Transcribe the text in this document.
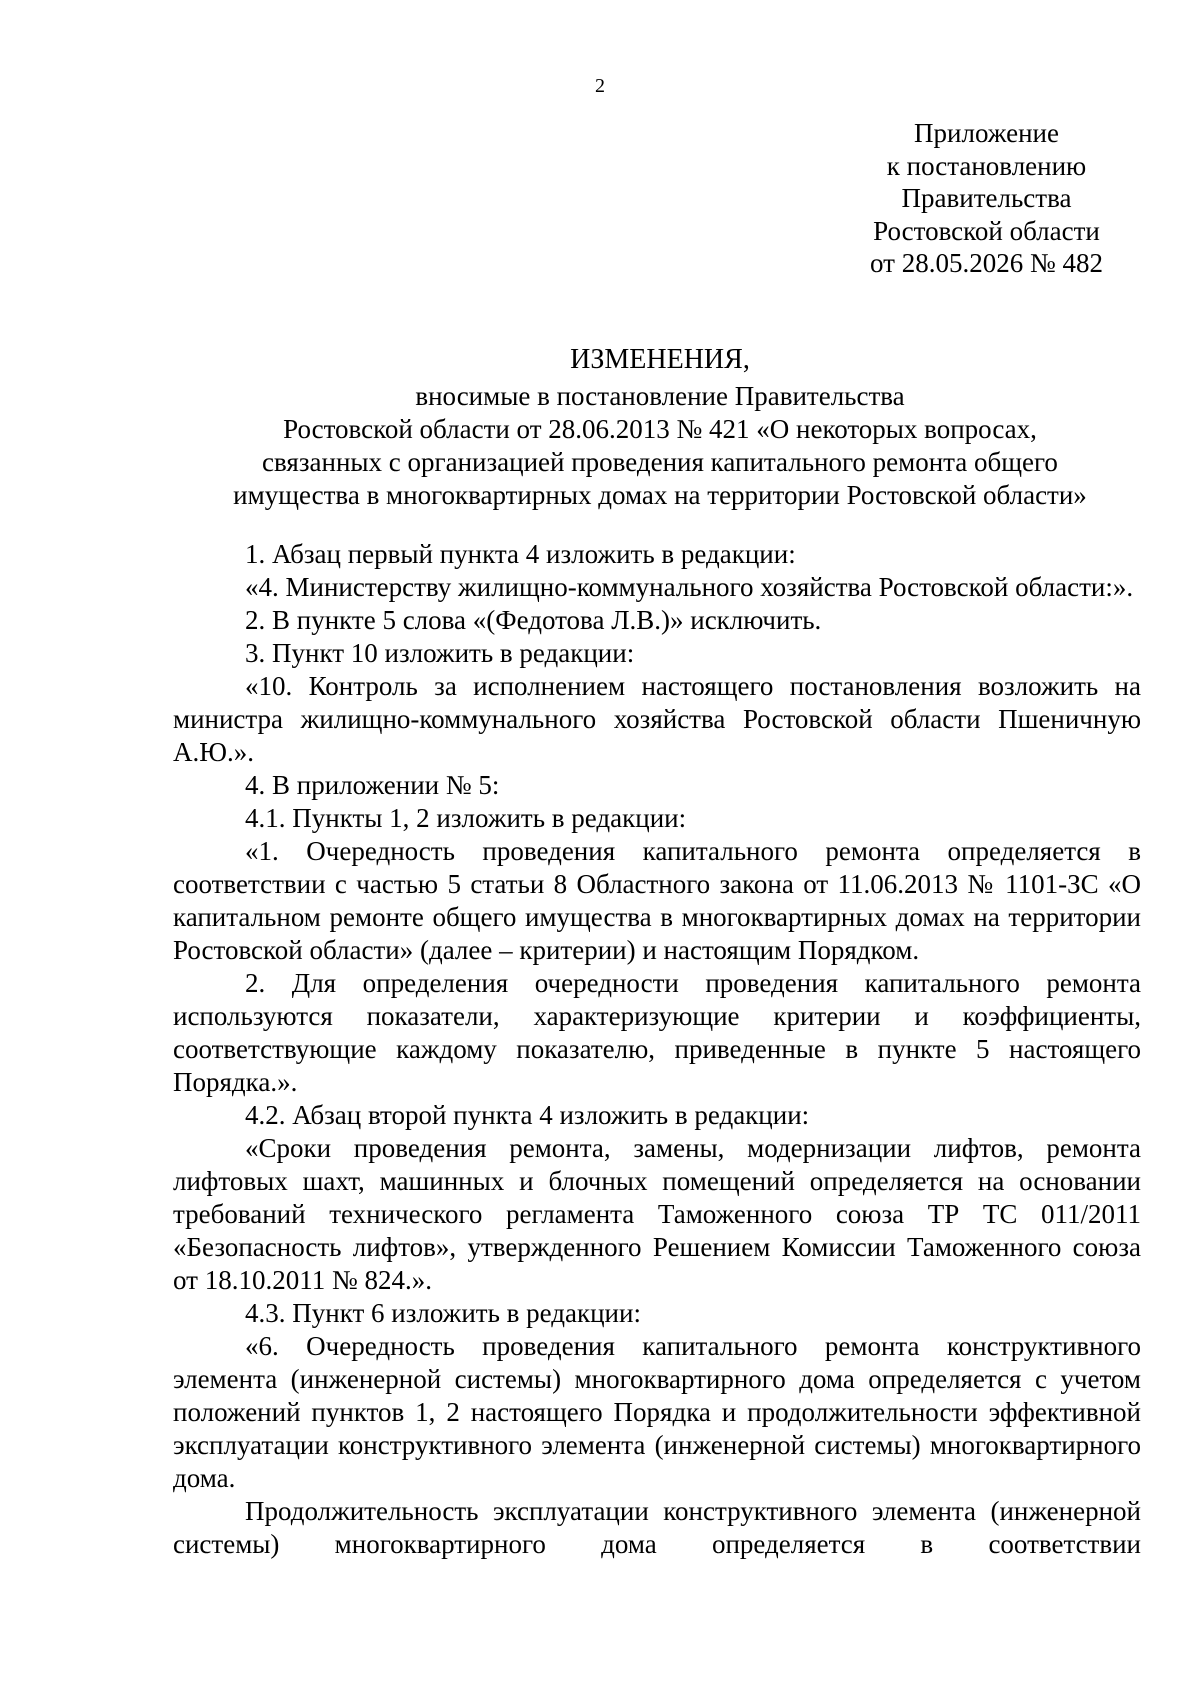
2
Приложение
к постановлению
Правительства
Ростовской области
от 28.05.2026 № 482
ИЗМЕНЕНИЯ,
вносимые в постановление Правительства
Ростовской области от 28.06.2013 № 421 «О некоторых вопросах,
связанных с организацией проведения капитального ремонта общего
имущества в многоквартирных домах на территории Ростовской области»

1. Абзац первый пункта 4 изложить в редакции:

«4. Министерству жилищно-коммунального хозяйства Ростовской области:».

2. В пункте 5 слова «(Федотова Л.В.)» исключить.

3. Пункт 10 изложить в редакции:

«10. Контроль за исполнением настоящего постановления возложить на министра жилищно-коммунального хозяйства Ростовской области Пшеничную А.Ю.».

4. В приложении № 5:

4.1. Пункты 1, 2 изложить в редакции:

«1. Очередность проведения капитального ремонта определяется в соответствии с частью 5 статьи 8 Областного закона от 11.06.2013 № 1101-ЗС «О капитальном ремонте общего имущества в многоквартирных домах на территории Ростовской области» (далее – критерии) и настоящим Порядком.

2. Для определения очередности проведения капитального ремонта используются показатели, характеризующие критерии и коэффициенты, соответствующие каждому показателю, приведенные в пункте 5 настоящего Порядка.».

4.2. Абзац второй пункта 4 изложить в редакции:

«Сроки проведения ремонта, замены, модернизации лифтов, ремонта лифтовых шахт, машинных и блочных помещений определяется на основании требований технического регламента Таможенного союза ТР ТС 011/2011 «Безопасность лифтов», утвержденного Решением Комиссии Таможенного союза от 18.10.2011 № 824.».

4.3. Пункт 6 изложить в редакции:

«6. Очередность проведения капитального ремонта конструктивного элемента (инженерной системы) многоквартирного дома определяется с учетом положений пунктов 1, 2 настоящего Порядка и продолжительности эффективной эксплуатации конструктивного элемента (инженерной системы) многоквартирного дома.

Продолжительность эксплуатации конструктивного элемента (инженерной системы) многоквартирного дома определяется в соответствии
